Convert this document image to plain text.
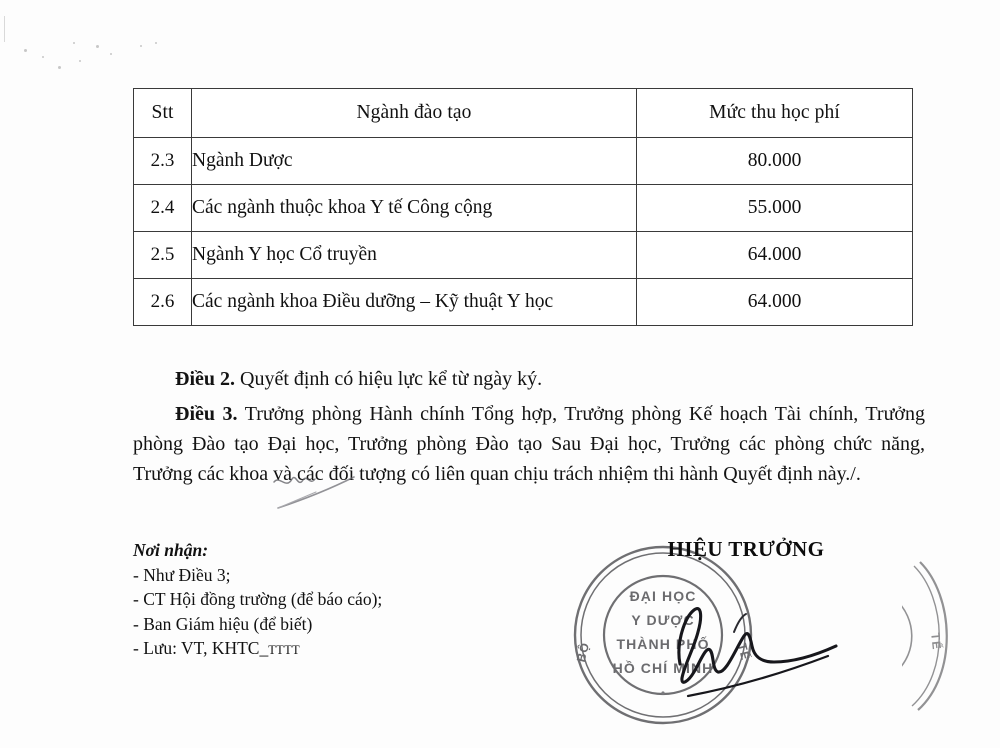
Stt	Ngành đào tạo	Mức thu học phí
2.3	Ngành Dược	80.000
2.4	Các ngành thuộc khoa Y tế Công cộng	55.000
2.5	Ngành Y học Cổ truyền	64.000
2.6	Các ngành khoa Điều dưỡng – Kỹ thuật Y học	64.000

Điều 2. Quyết định có hiệu lực kể từ ngày ký.

Điều 3. Trưởng phòng Hành chính Tổng hợp, Trưởng phòng Kế hoạch Tài chính, Trưởng phòng Đào tạo Đại học, Trưởng phòng Đào tạo Sau Đại học, Trưởng các phòng chức năng, Trưởng các khoa và các đối tượng có liên quan chịu trách nhiệm thi hành Quyết định này./.

Nơi nhận:
- Như Điều 3;
- CT Hội đồng trường (để báo cáo);
- Ban Giám hiệu (để biết)
- Lưu: VT, KHTC_TTTT
HIỆU TRƯỞNG
ĐẠI HỌC
Y DƯỢC
THÀNH PHỐ
HỒ CHÍ MINH
BỘ	TẾ
TẾ
